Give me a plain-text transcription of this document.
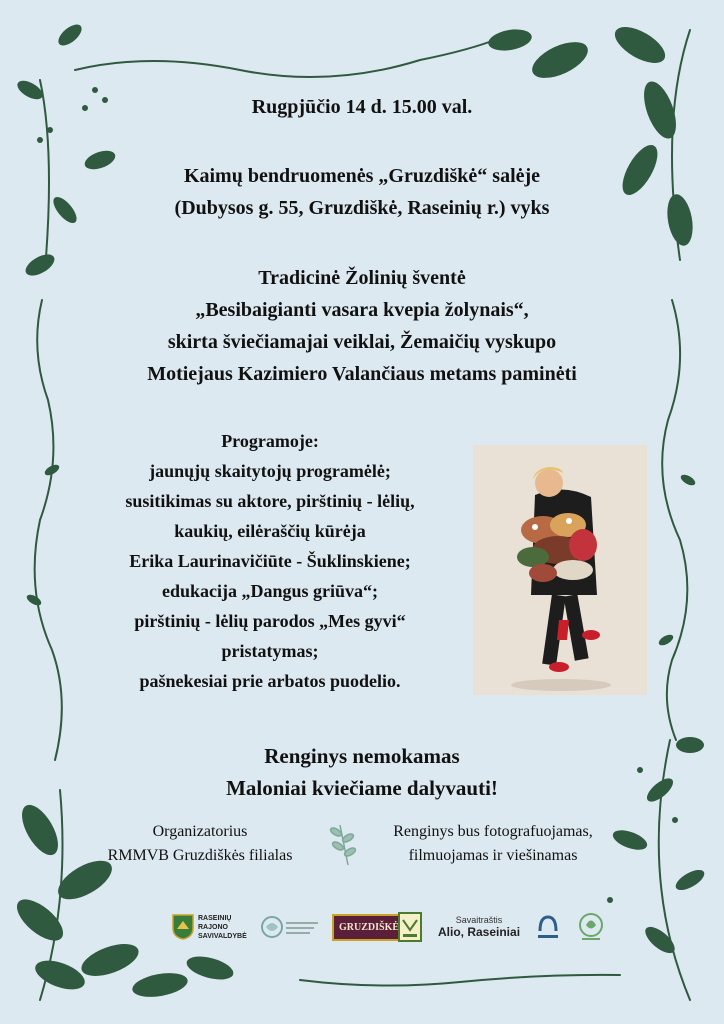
Rugpjūčio 14 d. 15.00 val.
Kaimų bendruomenės „Gruzdiškė“ salėje
(Dubysos g. 55, Gruzdiškė, Raseinių r.) vyks
Tradicinė Žolinių šventė
„Besibaigianti vasara kvepia žolynais“,
skirta šviečiamajai veiklai, Žemaičių vyskupo
Motiejaus Kazimiero Valančiaus metams paminėti
Programoje:
jaunųjų skaitytojų programėlė;
susitikimas su aktore, pirštinių - lėlių,
kaukių, eilėraščių kūrėja
Erika Laurinavičiūte - Šuklinskiene;
edukacija „Dangus griūva“;
pirštinių - lėlių parodos „Mes gyvi“
pristatymas;
pašnekesiai prie arbatos puodelio.
Renginys nemokamas
Maloniai kviečiame dalyvauti!
Organizatorius
RMMVB Gruzdiškės filialas
Renginys bus fotografuojamas,
filmuojamas ir viešinamas
RASEINIŲ
RAJONO
SAVIVALDYBĖ
GRUZDIŠKĖ
Savaitraštis
Alio, Raseiniai
